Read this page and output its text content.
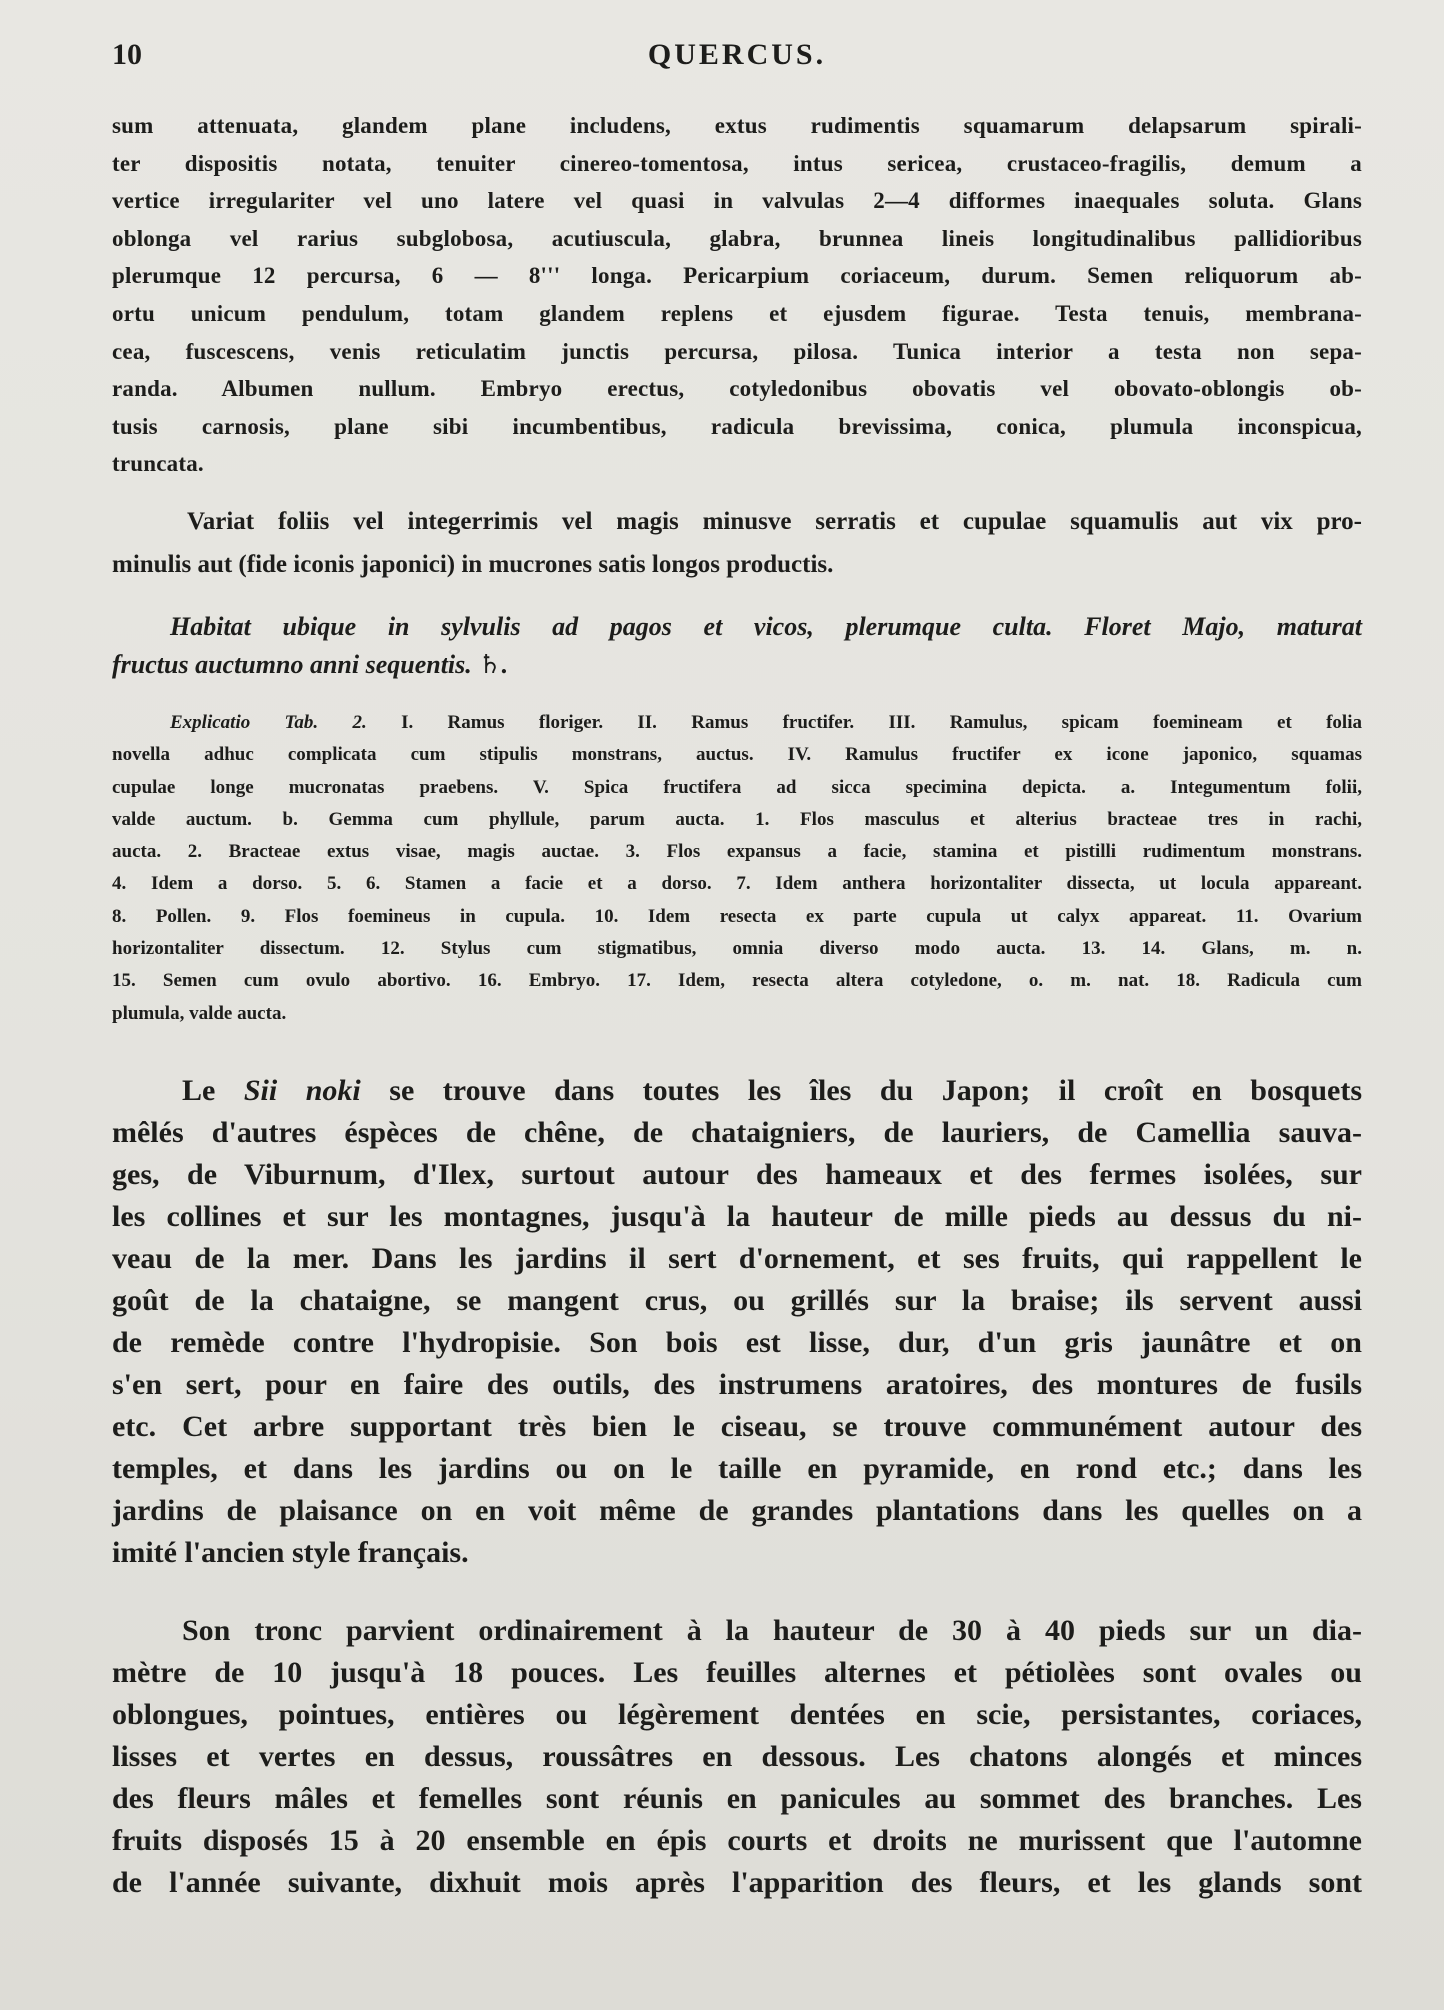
10	QUERCUS.
sum attenuata, glandem plane includens, extus rudimentis squamarum delapsarum spirali-
ter dispositis notata, tenuiter cinereo-tomentosa, intus sericea, crustaceo-fragilis, demum a
vertice irregulariter vel uno latere vel quasi in valvulas 2—4 difformes inaequales soluta. Glans
oblonga vel rarius subglobosa, acutiuscula, glabra, brunnea lineis longitudinalibus pallidioribus
plerumque 12 percursa, 6 — 8''' longa. Pericarpium coriaceum, durum. Semen reliquorum ab-
ortu unicum pendulum, totam glandem replens et ejusdem figurae. Testa tenuis, membrana-
cea, fuscescens, venis reticulatim junctis percursa, pilosa. Tunica interior a testa non sepa-
randa. Albumen nullum. Embryo erectus, cotyledonibus obovatis vel obovato-oblongis ob-
tusis carnosis, plane sibi incumbentibus, radicula brevissima, conica, plumula inconspicua,
truncata.
Variat foliis vel integerrimis vel magis minusve serratis et cupulae squamulis aut vix pro-
minulis aut (fide iconis japonici) in mucrones satis longos productis.
Habitat ubique in sylvulis ad pagos et vicos, plerumque culta. Floret Majo, maturat
fructus auctumno anni sequentis. ♄.
Explicatio Tab. 2. I. Ramus floriger. II. Ramus fructifer. III. Ramulus, spicam foemineam et folia
novella adhuc complicata cum stipulis monstrans, auctus. IV. Ramulus fructifer ex icone japonico, squamas
cupulae longe mucronatas praebens. V. Spica fructifera ad sicca specimina depicta. a. Integumentum folii,
valde auctum. b. Gemma cum phyllule, parum aucta. 1. Flos masculus et alterius bracteae tres in rachi,
aucta. 2. Bracteae extus visae, magis auctae. 3. Flos expansus a facie, stamina et pistilli rudimentum monstrans.
4. Idem a dorso. 5. 6. Stamen a facie et a dorso. 7. Idem anthera horizontaliter dissecta, ut locula appareant.
8. Pollen. 9. Flos foemineus in cupula. 10. Idem resecta ex parte cupula ut calyx appareat. 11. Ovarium
horizontaliter dissectum. 12. Stylus cum stigmatibus, omnia diverso modo aucta. 13. 14. Glans, m. n.
15. Semen cum ovulo abortivo. 16. Embryo. 17. Idem, resecta altera cotyledone, o. m. nat. 18. Radicula cum
plumula, valde aucta.
Le Sii noki se trouve dans toutes les îles du Japon; il croît en bosquets
mêlés d'autres éspèces de chêne, de chataigniers, de lauriers, de Camellia sauva-
ges, de Viburnum, d'Ilex, surtout autour des hameaux et des fermes isolées, sur
les collines et sur les montagnes, jusqu'à la hauteur de mille pieds au dessus du ni-
veau de la mer. Dans les jardins il sert d'ornement, et ses fruits, qui rappellent le
goût de la chataigne, se mangent crus, ou grillés sur la braise; ils servent aussi
de remède contre l'hydropisie. Son bois est lisse, dur, d'un gris jaunâtre et on
s'en sert, pour en faire des outils, des instrumens aratoires, des montures de fusils
etc. Cet arbre supportant très bien le ciseau, se trouve communément autour des
temples, et dans les jardins ou on le taille en pyramide, en rond etc.; dans les
jardins de plaisance on en voit même de grandes plantations dans les quelles on a
imité l'ancien style français.
Son tronc parvient ordinairement à la hauteur de 30 à 40 pieds sur un dia-
mètre de 10 jusqu'à 18 pouces. Les feuilles alternes et pétiolèes sont ovales ou
oblongues, pointues, entières ou légèrement dentées en scie, persistantes, coriaces,
lisses et vertes en dessus, roussâtres en dessous. Les chatons alongés et minces
des fleurs mâles et femelles sont réunis en panicules au sommet des branches. Les
fruits disposés 15 à 20 ensemble en épis courts et droits ne murissent que l'automne
de l'année suivante, dixhuit mois après l'apparition des fleurs, et les glands sont
